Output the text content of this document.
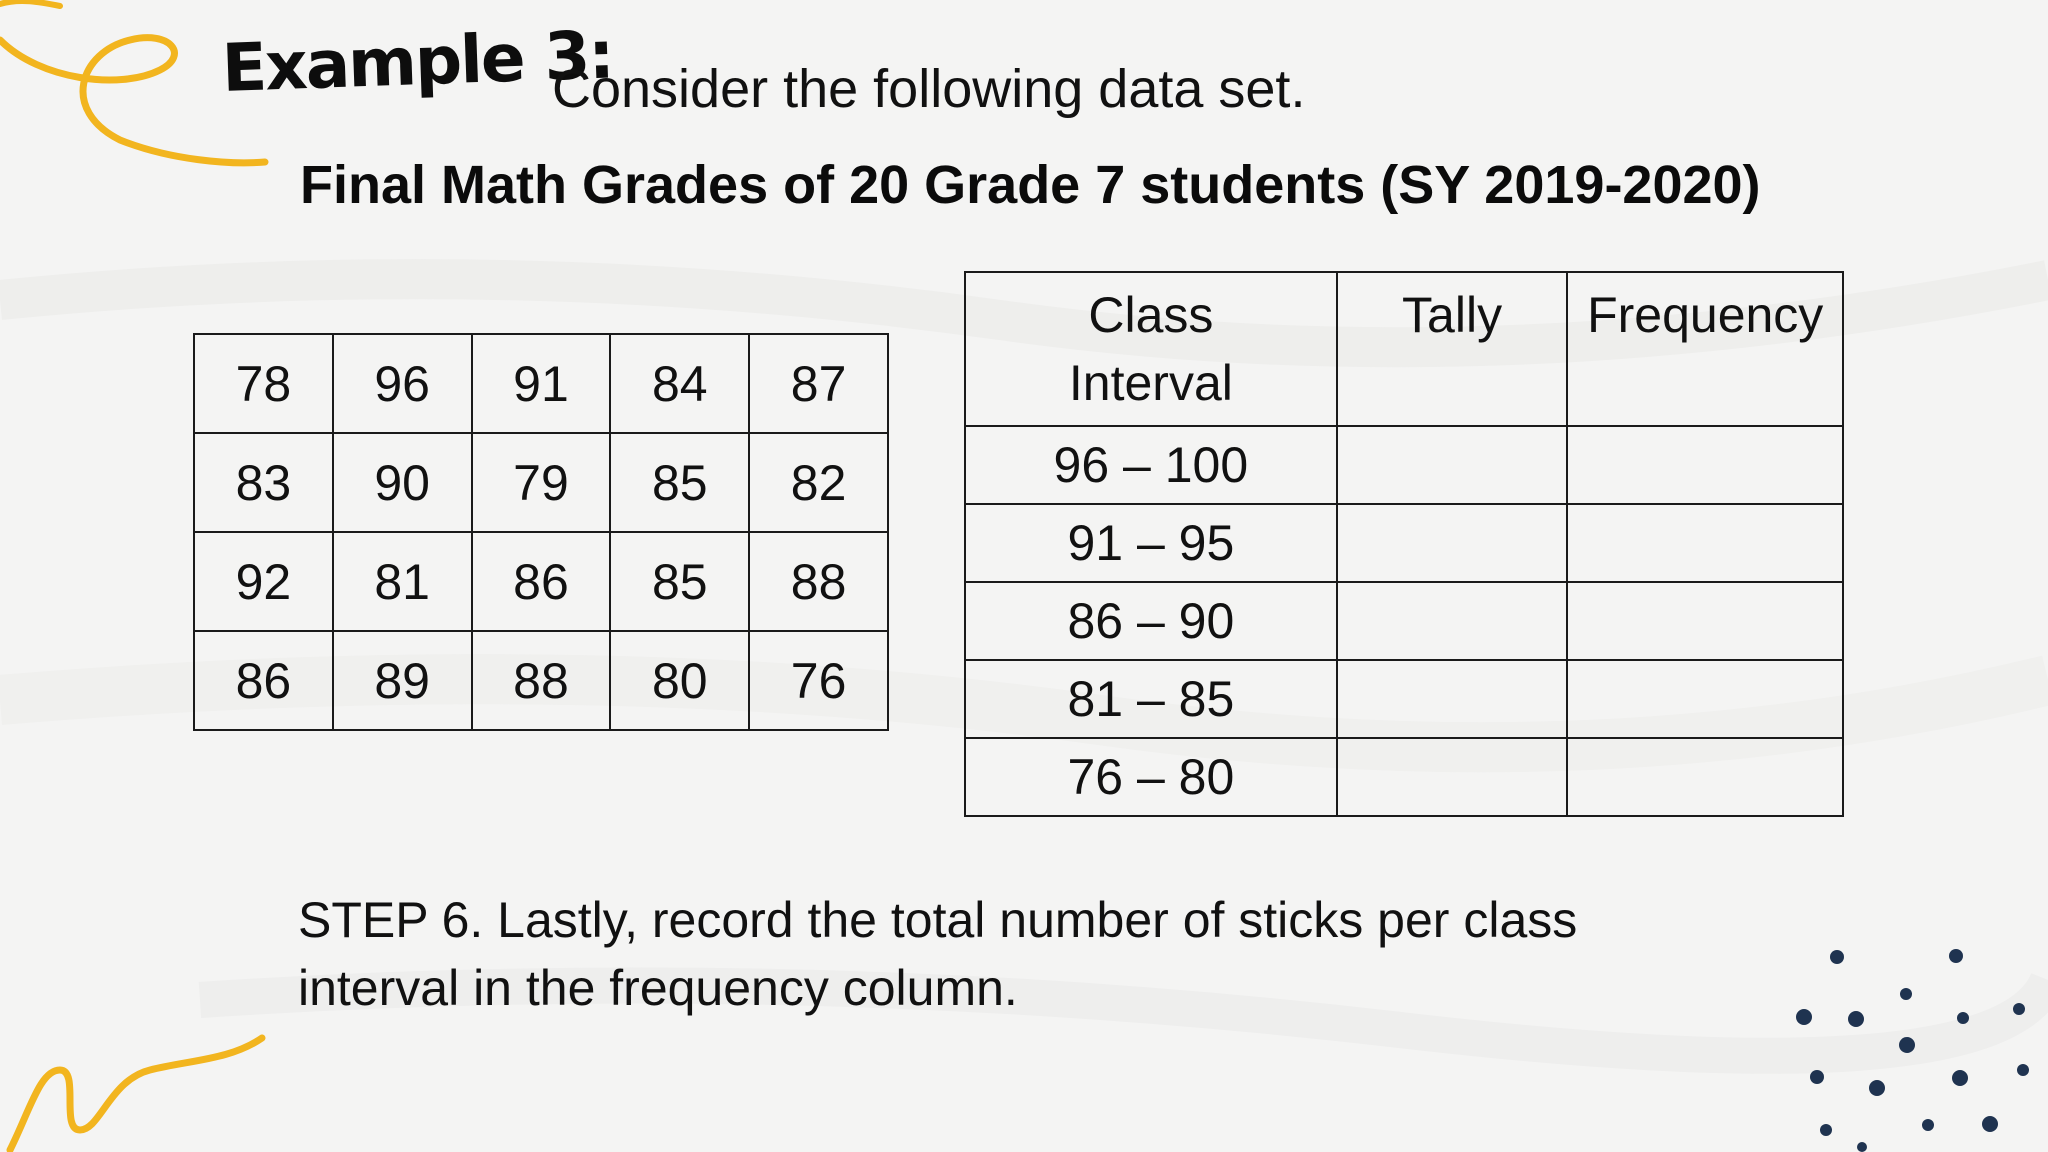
Example 3:
Consider the following data set.
Final Math Grades of 20 Grade 7 students (SY 2019-2020)
78	96	91	84	87
83	90	79	85	82
92	81	86	85	88
86	89	88	80	76
Class Interval	Tally	Frequency
96 – 100		
91 – 95		
86 – 90		
81 – 85		
76 – 80		
STEP 6. Lastly, record the total number of sticks per class interval in the frequency column.
